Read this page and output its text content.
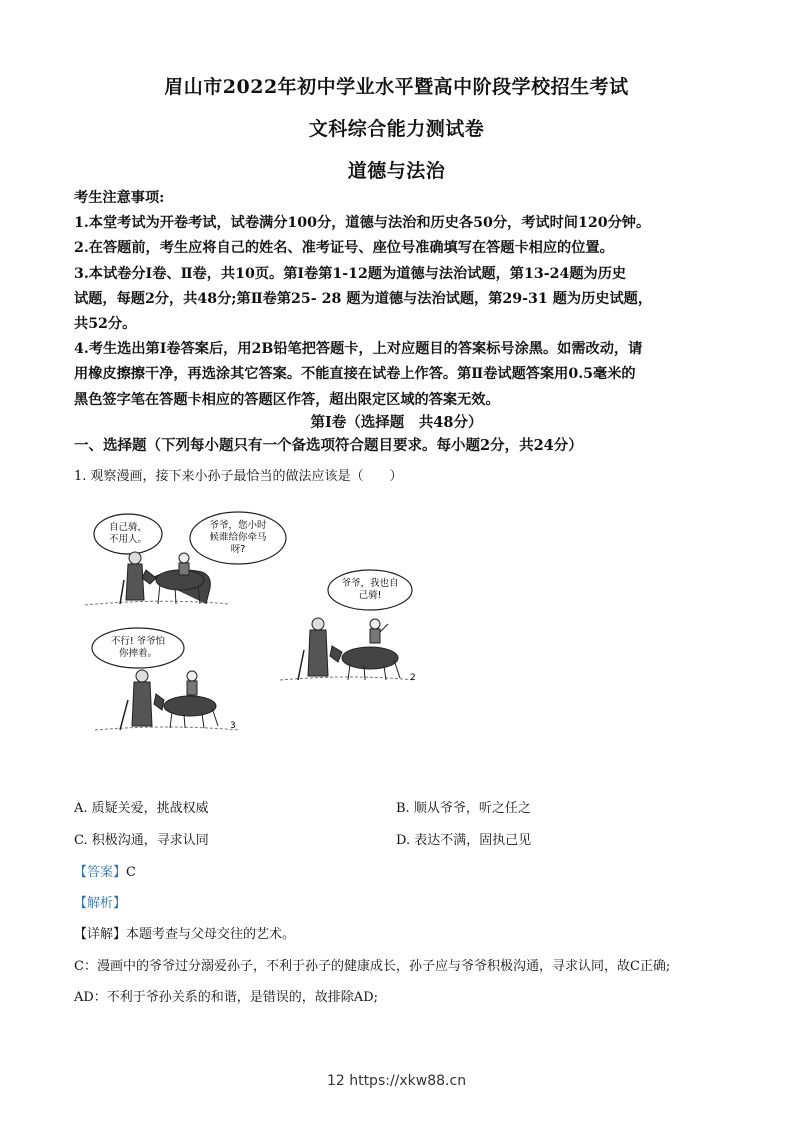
眉山市2022年初中学业水平暨高中阶段学校招生考试
文科综合能力测试卷
道德与法治

考生注意事项:

1.本堂考试为开卷考试，试卷满分100分，道德与法治和历史各50分，考试时间120分钟。

2.在答题前，考生应将自己的姓名、准考证号、座位号准确填写在答题卡相应的位置。

3.本试卷分Ⅰ卷、Ⅱ卷，共10页。第Ⅰ卷第1-12题为道德与法治试题，第13-24题为历史

试题，每题2分，共48分;第Ⅱ卷第25- 28 题为道德与法治试题，第29-31 题为历史试题，

共52分。

4.考生选出第Ⅰ卷答案后，用2B铅笔把答题卡，上对应题目的答案标号涂黑。如需改动，请

用橡皮擦擦干净，再选涂其它答案。不能直接在试卷上作答。第Ⅱ卷试题答案用0.5毫米的

黑色签字笔在答题卡相应的答题区作答，超出限定区域的答案无效。

第Ⅰ卷（选择题　共48分）
一、选择题（下列每小题只有一个备选项符合题目要求。每小题2分，共24分）
1. 观察漫画，接下来小孙子最恰当的做法应该是（　　）
自己骑，
不用人。
爷爷，您小时
候谁给你牵马
呀?
爷爷，我也自
己骑!
2
不行! 爷爷怕
你摔着。
3
A. 质疑关爱，挑战权威	B. 顺从爷爷，听之任之
C. 积极沟通，寻求认同	D. 表达不满，固执己见
【答案】C
【解析】
【详解】本题考查与父母交往的艺术。
C：漫画中的爷爷过分溺爱孙子，不利于孙子的健康成长，孙子应与爷爷积极沟通，寻求认同，故C正确;
AD：不利于爷孙关系的和谐，是错误的，故排除AD;
12 https://xkw88.cn
